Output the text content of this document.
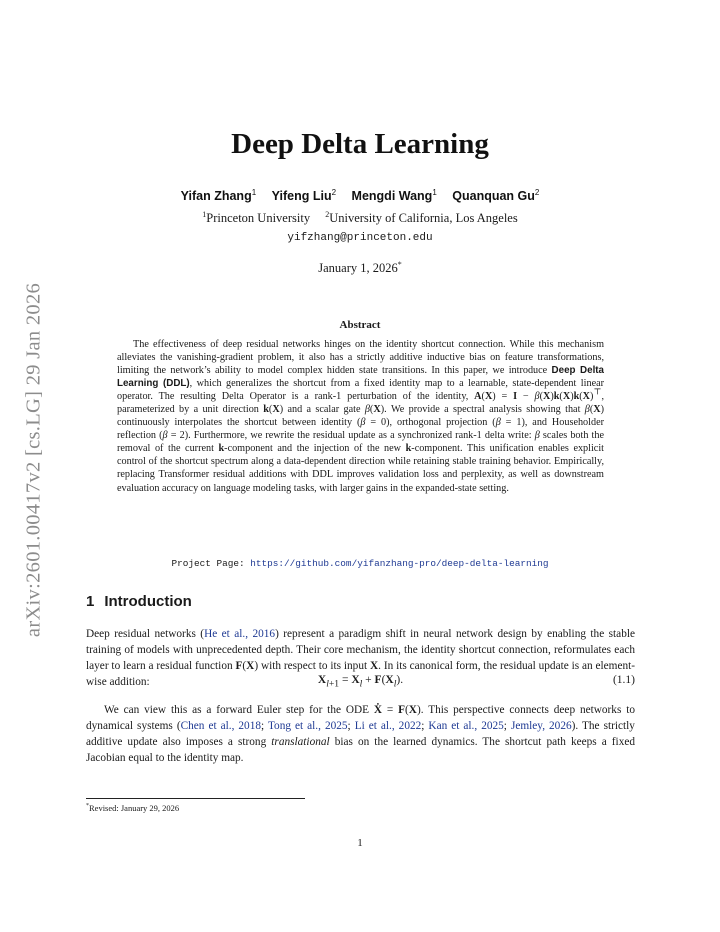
arXiv:2601.00417v2 [cs.LG] 29 Jan 2026
Deep Delta Learning
Yifan Zhang$^1$ Yifeng Liu$^2$ Mengdi Wang$^1$ Quanquan Gu$^2$
$^1$Princeton University $^2$University of California, Los Angeles
yifzhang@princeton.edu
January 1, 2026*
Abstract

The effectiveness of deep residual networks hinges on the identity shortcut connection. While this mechanism alleviates the vanishing-gradient problem, it also has a strictly additive inductive bias on feature transformations, limiting the network’s ability to model complex hidden state transitions. In this paper, we introduce Deep Delta Learning (DDL), which generalizes the shortcut from a fixed identity map to a learnable, state-dependent linear operator. The resulting Delta Operator is a rank-1 perturbation of the identity, A(X) = I − β(X)k(X)k(X)⊤, parameterized by a unit direction k(X) and a scalar gate β(X). We provide a spectral analysis showing that β(X) continuously interpolates the shortcut between identity (β = 0), orthogonal projection (β = 1), and Householder reflection (β = 2). Furthermore, we rewrite the residual update as a synchronized rank-1 delta write: β scales both the removal of the current k-component and the injection of the new k-component. This unification enables explicit control of the shortcut spectrum along a data-dependent direction while retaining stable training behavior. Empirically, replacing Transformer residual additions with DDL improves validation loss and perplexity, as well as downstream evaluation accuracy on language modeling tasks, with larger gains in the expanded-state setting.

Project Page: https://github.com/yifanzhang-pro/deep-delta-learning
1 Introduction

Deep residual networks (He et al., 2016) represent a paradigm shift in neural network design by enabling the stable training of models with unprecedented depth. Their core mechanism, the identity shortcut connection, reformulates each layer to learn a residual function F(X) with respect to its input X. In its canonical form, the residual update is an element-wise addition:	$X_{l+1} = X_l + F(X_l)$.	(1.1)

We can view this as a forward Euler step for the ODE Ẋ = F(X). This perspective connects deep networks to dynamical systems (Chen et al., 2018; Tong et al., 2025; Li et al., 2022; Kan et al., 2025; Jemley, 2026). The strictly additive update also imposes a strong translational bias on the learned dynamics. The shortcut path keeps a fixed Jacobian equal to the identity map.

*Revised: January 29, 2026
1
